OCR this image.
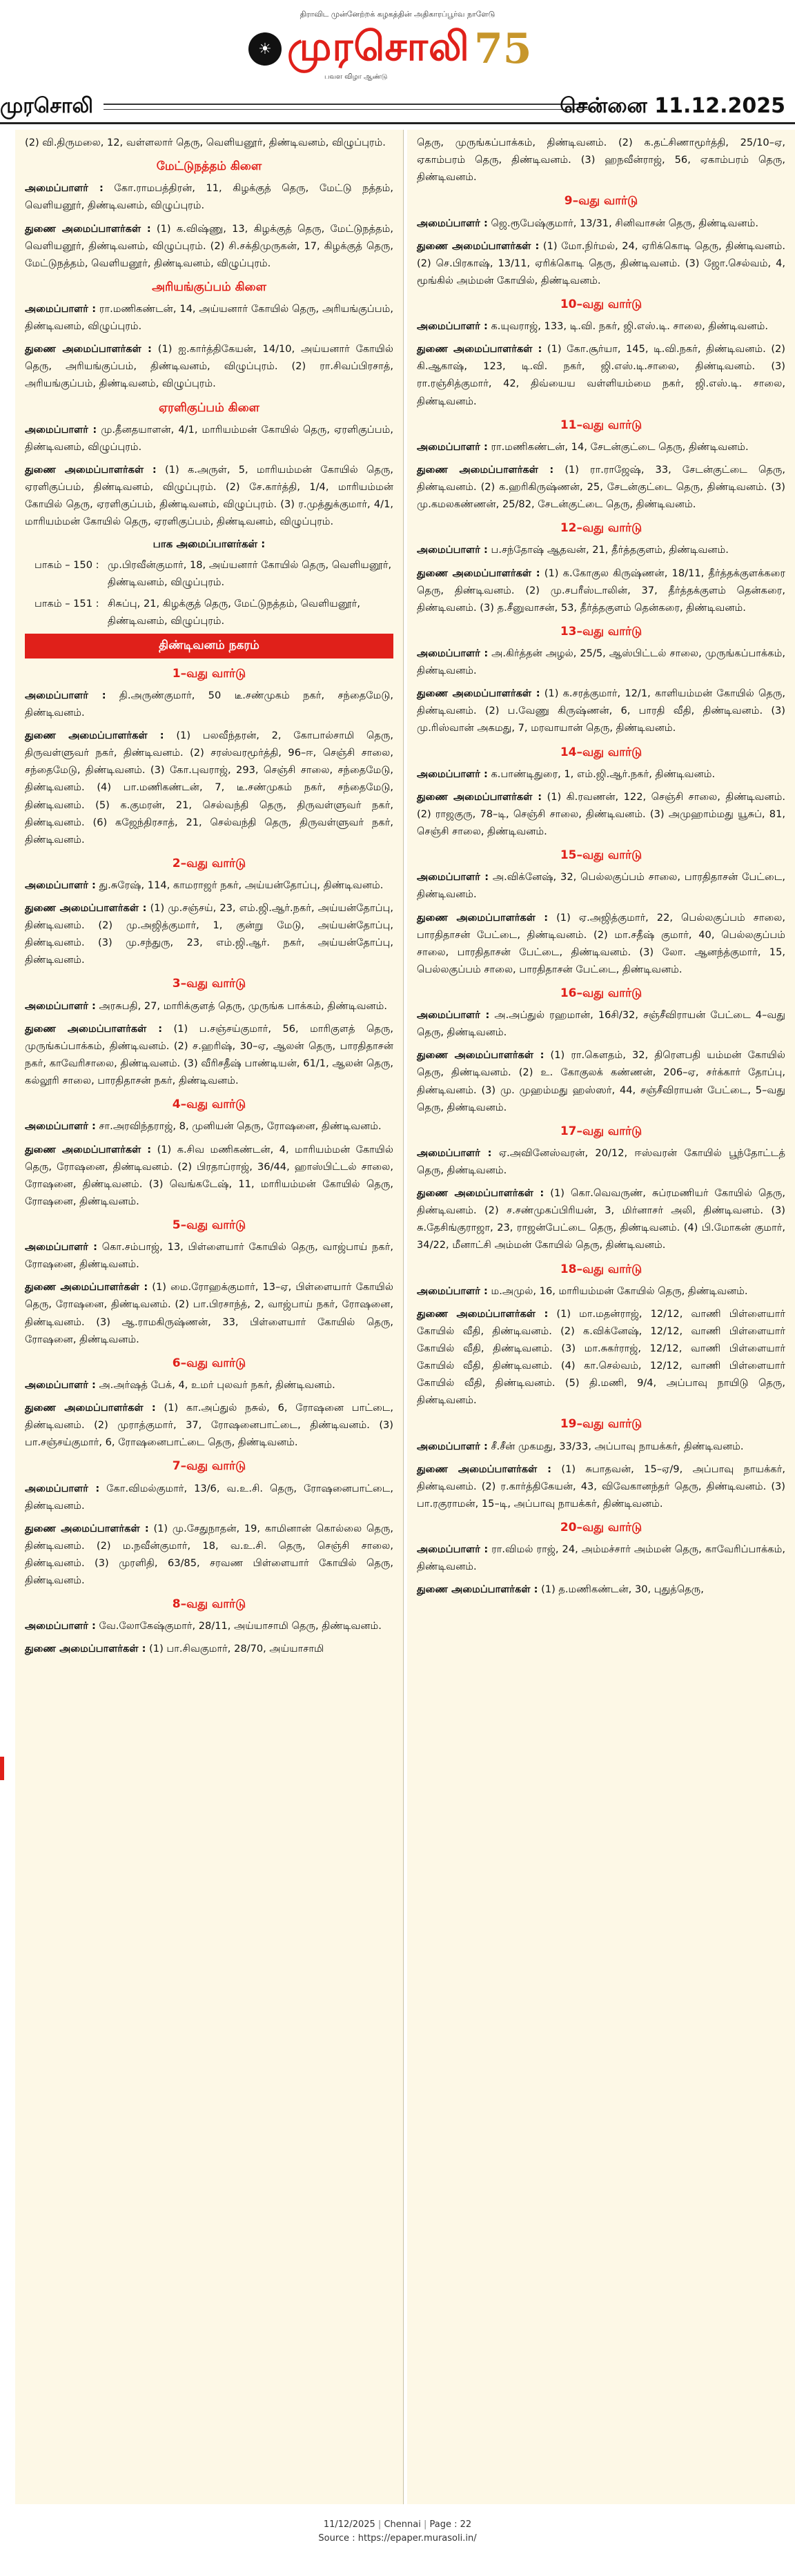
திராவிட முன்னேற்றக் கழகத்தின் அதிகாரப்பூர்வ நாளேடு
☀ முரசொலி 75
பவள விழா ஆண்டு
முரசொலி	சென்னை 11.12.2025
(2) வி.திருமலை, 12, வள்ளலார் தெரு, வெளியனூர், திண்டிவனம், விழுப்புரம்.
மேட்டுநத்தம் கிளை
அமைப்பாளர் : கோ.ராமபத்திரன், 11, கிழக்குத் தெரு, மேட்டு நத்தம், வெளியனூர், திண்டிவனம், விழுப்புரம்.
துணை அமைப்பாளர்கள் : (1) க.விஷ்ணு, 13, கிழக்குத் தெரு, மேட்டுநத்தம், வெளியனூர், திண்டிவனம், விழுப்புரம். (2) சி.சக்திமுருகன், 17, கிழக்குத் தெரு, மேட்டுநத்தம், வெளியனூர், திண்டிவனம், விழுப்புரம்.
அரியங்குப்பம் கிளை
அமைப்பாளர் : ரா.மணிகண்டன், 14, அய்யனார் கோயில் தெரு, அரியங்குப்பம், திண்டிவனம், விழுப்புரம்.
துணை அமைப்பாளர்கள் : (1) ஐ.கார்த்திகேயன், 14/10, அய்யனார் கோயில் தெரு, அரியங்குப்பம், திண்டிவனம், விழுப்புரம். (2) ரா.சிவப்பிரசாத், அரியங்குப்பம், திண்டிவனம், விழுப்புரம்.
ஏரளிகுப்பம் கிளை
அமைப்பாளர் : மு.தீனதயாளன், 4/1, மாரியம்மன் கோயில் தெரு, ஏரளிகுப்பம், திண்டிவனம், விழுப்புரம்.
துணை அமைப்பாளர்கள் : (1) க.அருள், 5, மாரியம்மன் கோயில் தெரு, ஏரளிகுப்பம், திண்டிவனம், விழுப்புரம். (2) சே.கார்த்தி, 1/4, மாரியம்மன் கோயில் தெரு, ஏரளிகுப்பம், திண்டிவனம், விழுப்புரம். (3) ர.முத்துக்குமார், 4/1, மாரியம்மன் கோயில் தெரு, ஏரளிகுப்பம், திண்டிவனம், விழுப்புரம்.
பாக அமைப்பாளர்கள் :
பாகம் – 150 : மு.பிரவீன்குமார், 18, அய்யனார் கோயில் தெரு, வெளியனூர், திண்டிவனம், விழுப்புரம்.
பாகம் – 151 : சிசுப்பு, 21, கிழக்குத் தெரு, மேட்டுநத்தம், வெளியனூர், திண்டிவனம், விழுப்புரம்.
திண்டிவனம் நகரம்
1–வது வார்டு
அமைப்பாளர் : தி.அருண்குமார், 50 டீ.சண்முகம் நகர், சந்தைமேடு, திண்டிவனம்.
துணை அமைப்பாளர்கள் : (1) பலவீந்தரன், 2, கோபால்சாமி தெரு, திருவள்ளுவர் நகர், திண்டிவனம். (2) சரஸ்வரமூர்த்தி, 96–ஈ, செஞ்சி சாலை, சந்தைமேடு, திண்டிவனம். (3) கோ.புவராஜ், 293, செஞ்சி சாலை, சந்தைமேடு, திண்டிவனம். (4) பா.மணிகண்டன், 7, டீ.சண்முகம் நகர், சந்தைமேடு, திண்டிவனம். (5) க.குமரன், 21, செல்வந்தி தெரு, திருவள்ளுவர் நகர், திண்டிவனம். (6) கஜேந்திரசாத், 21, செல்வந்தி தெரு, திருவள்ளுவர் நகர், திண்டிவனம்.
2–வது வார்டு
அமைப்பாளர் : து.சுரேஷ், 114, காமராஜர் நகர், அய்யன்தோப்பு, திண்டிவனம்.
துணை அமைப்பாளர்கள் : (1) மு.சஞ்சய், 23, எம்.ஜி.ஆர்.நகர், அய்யன்தோப்பு, திண்டிவனம். (2) மு.அஜித்குமார், 1, குன்று மேடு, அய்யன்தோப்பு, திண்டிவனம். (3) மு.சந்துரு, 23, எம்.ஜி.ஆர். நகர், அய்யன்தோப்பு, திண்டிவனம்.
3–வது வார்டு
அமைப்பாளர் : அரசுபதி, 27, மாரிக்குளத் தெரு, முருங்க பாக்கம், திண்டிவனம்.
துணை அமைப்பாளர்கள் : (1) ப.சஞ்சய்குமார், 56, மாரிகுளத் தெரு, முருங்கப்பாக்கம், திண்டிவனம். (2) ச.ஹரிஷ், 30–ஏ, ஆலன் தெரு, பாரதிதாசன் நகர், காவேரிசாலை, திண்டிவனம். (3) வீரிசதீஷ் பாண்டியன், 61/1, ஆலன் தெரு, கல்லூரி சாலை, பாரதிதாசன் நகர், திண்டிவனம்.
4–வது வார்டு
அமைப்பாளர் : சா.அரவிந்தராஜ், 8, முனியன் தெரு, ரோஷனை, திண்டிவனம்.
துணை அமைப்பாளர்கள் : (1) க.சிவ மணிகண்டன், 4, மாரியம்மன் கோயில் தெரு, ரோஷனை, திண்டிவனம். (2) பிரதாப்ராஜ், 36/44, ஹாஸ்பிட்டல் சாலை, ரோஷனை, திண்டிவனம். (3) வெங்கடேஷ், 11, மாரியம்மன் கோயில் தெரு, ரோஷனை, திண்டிவனம்.
5–வது வார்டு
அமைப்பாளர் : கொ.சம்பாஜ், 13, பிள்ளையார் கோயில் தெரு, வாஜ்பாய் நகர், ரோஷனை, திண்டிவனம்.
துணை அமைப்பாளர்கள் : (1) மை.ரோஹக்குமார், 13–ஏ, பிள்ளையார் கோயில் தெரு, ரோஷனை, திண்டிவனம். (2) பா.பிரசாந்த், 2, வாஜ்பாய் நகர், ரோஷனை, திண்டிவனம். (3) ஆ.ராமகிருஷ்ணன், 33, பிள்ளையார் கோயில் தெரு, ரோஷனை, திண்டிவனம்.
6–வது வார்டு
அமைப்பாளர் : அ.அர்ஷத் பேக், 4, உமர் புலவர் நகர், திண்டிவனம்.
துணை அமைப்பாளர்கள் : (1) கா.அப்துல் நசுல், 6, ரோஷனை பாட்டை, திண்டிவனம். (2) முராத்குமார், 37, ரோஷனைபாட்டை, திண்டிவனம். (3) பா.சஞ்சய்குமார், 6, ரோஷனைபாட்டை தெரு, திண்டிவனம்.
7–வது வார்டு
அமைப்பாளர் : கோ.விமல்குமார், 13/6, வ.உ.சி. தெரு, ரோஷனைபாட்டை, திண்டிவனம்.
துணை அமைப்பாளர்கள் : (1) மு.சேதுநாதன், 19, காமினான் கொல்லை தெரு, திண்டிவனம். (2) ம.நவீன்குமார், 18, வ.உ.சி. தெரு, செஞ்சி சாலை, திண்டிவனம். (3) முரளிதி, 63/85, சரவண பிள்ளையார் கோயில் தெரு, திண்டிவனம்.
8–வது வார்டு
அமைப்பாளர் : வே.லோகேஷ்குமார், 28/11, அய்யாசாமி தெரு, திண்டிவனம்.
துணை அமைப்பாளர்கள் : (1) பா.சிவகுமார், 28/70, அய்யாசாமி
தெரு, முருங்கப்பாக்கம், திண்டிவனம். (2) க.தட்சிணாமூர்த்தி, 25/10–ஏ, ஏகாம்பரம் தெரு, திண்டிவனம். (3) ஹநவீன்ராஜ், 56, ஏகாம்பரம் தெரு, திண்டிவனம்.
9–வது வார்டு
அமைப்பாளர் : ஜெ.ரூபேஷ்குமார், 13/31, சினிவாசன் தெரு, திண்டிவனம்.
துணை அமைப்பாளர்கள் : (1) மோ.நிர்மல், 24, ஏரிக்கொடி தெரு, திண்டிவனம். (2) செ.பிரகாஷ், 13/11, ஏரிக்கொடி தெரு, திண்டிவனம். (3) ஜோ.செல்வம், 4, மூங்கில் அம்மன் கோயில், திண்டிவனம்.
10–வது வார்டு
அமைப்பாளர் : க.யுவராஜ், 133, டி.வி. நகர், ஜி.எஸ்.டி. சாலை, திண்டிவனம்.
துணை அமைப்பாளர்கள் : (1) கோ.சூர்யா, 145, டி.வி.நகர், திண்டிவனம். (2) கி.ஆகாஷ், 123, டி.வி. நகர், ஜி.எஸ்.டி.சாலை, திண்டிவனம். (3) ரா.ரஞ்சித்குமார், 42, திவ்யைய வள்ளியம்மை நகர், ஜி.எஸ்.டி. சாலை, திண்டிவனம்.
11–வது வார்டு
அமைப்பாளர் : ரா.மணிகண்டன், 14, சேடன்குட்டை தெரு, திண்டிவனம்.
துணை அமைப்பாளர்கள் : (1) ரா.ராஜேஷ், 33, சேடன்குட்டை தெரு, திண்டிவனம். (2) க.ஹரிகிருஷ்ணன், 25, சேடன்குட்டை தெரு, திண்டிவனம். (3) மு.கமலகண்ணன், 25/82, சேடன்குட்டை தெரு, திண்டிவனம்.
12–வது வார்டு
அமைப்பாளர் : ப.சந்தோஷ் ஆதவன், 21, தீர்த்தகுளம், திண்டிவனம்.
துணை அமைப்பாளர்கள் : (1) க.கோகுல கிருஷ்ணன், 18/11, தீர்த்தக்குளக்கரை தெரு, திண்டிவனம். (2) மு.சபரீஸ்டாலின், 37, தீர்த்தக்குளம் தென்கரை, திண்டிவனம். (3) த.சீனுவாசன், 53, தீர்த்தகுளம் தென்கரை, திண்டிவனம்.
13–வது வார்டு
அமைப்பாளர் : அ.கிர்த்தன் அழல், 25/5, ஆஸ்பிட்டல் சாலை, முருங்கப்பாக்கம், திண்டிவனம்.
துணை அமைப்பாளர்கள் : (1) க.சரத்குமார், 12/1, காளியம்மன் கோயில் தெரு, திண்டிவனம். (2) ப.வேணு கிருஷ்ணன், 6, பாரதி வீதி, திண்டிவனம். (3) மு.ரிஸ்வான் அகமது, 7, மரவாயான் தெரு, திண்டிவனம்.
14–வது வார்டு
அமைப்பாளர் : க.பாண்டிதுரை, 1, எம்.ஜி.ஆர்.நகர், திண்டிவனம்.
துணை அமைப்பாளர்கள் : (1) கி.ரவணன், 122, செஞ்சி சாலை, திண்டிவனம். (2) ராஜகுரு, 78–டி, செஞ்சி சாலை, திண்டிவனம். (3) அமுஹாம்மது யூசுப், 81, செஞ்சி சாலை, திண்டிவனம்.
15–வது வார்டு
அமைப்பாளர் : அ.விக்னேஷ், 32, பெல்லகுப்பம் சாலை, பாரதிதாசன் பேட்டை, திண்டிவனம்.
துணை அமைப்பாளர்கள் : (1) ஏ.அஜித்குமார், 22, பெல்லகுப்பம் சாலை, பாரதிதாசன் பேட்டை, திண்டிவனம். (2) மா.சதீஷ் குமார், 40, பெல்லகுப்பம் சாலை, பாரதிதாசன் பேட்டை, திண்டிவனம். (3) லோ. ஆனந்த்குமார், 15, பெல்லகுப்பம் சாலை, பாரதிதாசன் பேட்டை, திண்டிவனம்.
16–வது வார்டு
அமைப்பாளர் : அ.அப்துல் ரஹமான், 16சி/32, சஞ்சீவிராயன் பேட்டை 4–வது தெரு, திண்டிவனம்.
துணை அமைப்பாளர்கள் : (1) ரா.கௌதம், 32, திரௌபதி யம்மன் கோயில் தெரு, திண்டிவனம். (2) உ. கோகுலக் கண்ணன், 206–ஏ, சர்க்கார் தோப்பு, திண்டிவனம். (3) மு. முஹம்மது ஹஸ்ஸர், 44, சஞ்சீவிராயன் பேட்டை, 5–வது தெரு, திண்டிவனம்.
17–வது வார்டு
அமைப்பாளர் : ஏ.அவினேஸ்வரன், 20/12, ஈஸ்வரன் கோயில் பூந்தோட்டத் தெரு, திண்டிவனம்.
துணை அமைப்பாளர்கள் : (1) கொ.வெவருண், சுப்ரமணியர் கோயில் தெரு, திண்டிவனம். (2) ச.சண்முகப்பிரியன், 3, மிர்னாசர் அலி, திண்டிவனம். (3) சு.தேசிங்குராஜா, 23, ராஜன்பேட்டை தெரு, திண்டிவனம். (4) பி.மோகன் குமார், 34/22, மீனாட்சி அம்மன் கோயில் தெரு, திண்டிவனம்.
18–வது வார்டு
அமைப்பாளர் : ம.அமுல், 16, மாரியம்மன் கோயில் தெரு, திண்டிவனம்.
துணை அமைப்பாளர்கள் : (1) மா.மதன்ராஜ், 12/12, வாணி பிள்ளையார் கோயில் வீதி, திண்டிவனம். (2) க.விக்னேஷ், 12/12, வாணி பிள்ளையார் கோயில் வீதி, திண்டிவனம். (3) மா.சுகர்ராஜ், 12/12, வாணி பிள்ளையார் கோயில் வீதி, திண்டிவனம். (4) கா.செல்வம், 12/12, வாணி பிள்ளையார் கோயில் வீதி, திண்டிவனம். (5) தி.மணி, 9/4, அப்பாவு நாயிடு தெரு, திண்டிவனம்.
19–வது வார்டு
அமைப்பாளர் : சீ.சீன் முகமது, 33/33, அப்பாவு நாயக்கர், திண்டிவனம்.
துணை அமைப்பாளர்கள் : (1) சுபாதவன், 15–ஏ/9, அப்பாவு நாயக்கர், திண்டிவனம். (2) ர.கார்த்திகேயன், 43, விவேகானந்தர் தெரு, திண்டிவனம். (3) பா.ரகுராமன், 15–டி, அப்பாவு நாயக்கர், திண்டிவனம்.
20–வது வார்டு
அமைப்பாளர் : ரா.விமல் ராஜ், 24, அம்மச்சார் அம்மன் தெரு, காவேரிப்பாக்கம், திண்டிவனம்.
துணை அமைப்பாளர்கள் : (1) த.மணிகண்டன், 30, புதுத்தெரு,
11/12/2025 | Chennai | Page : 22
Source : https://epaper.murasoli.in/
